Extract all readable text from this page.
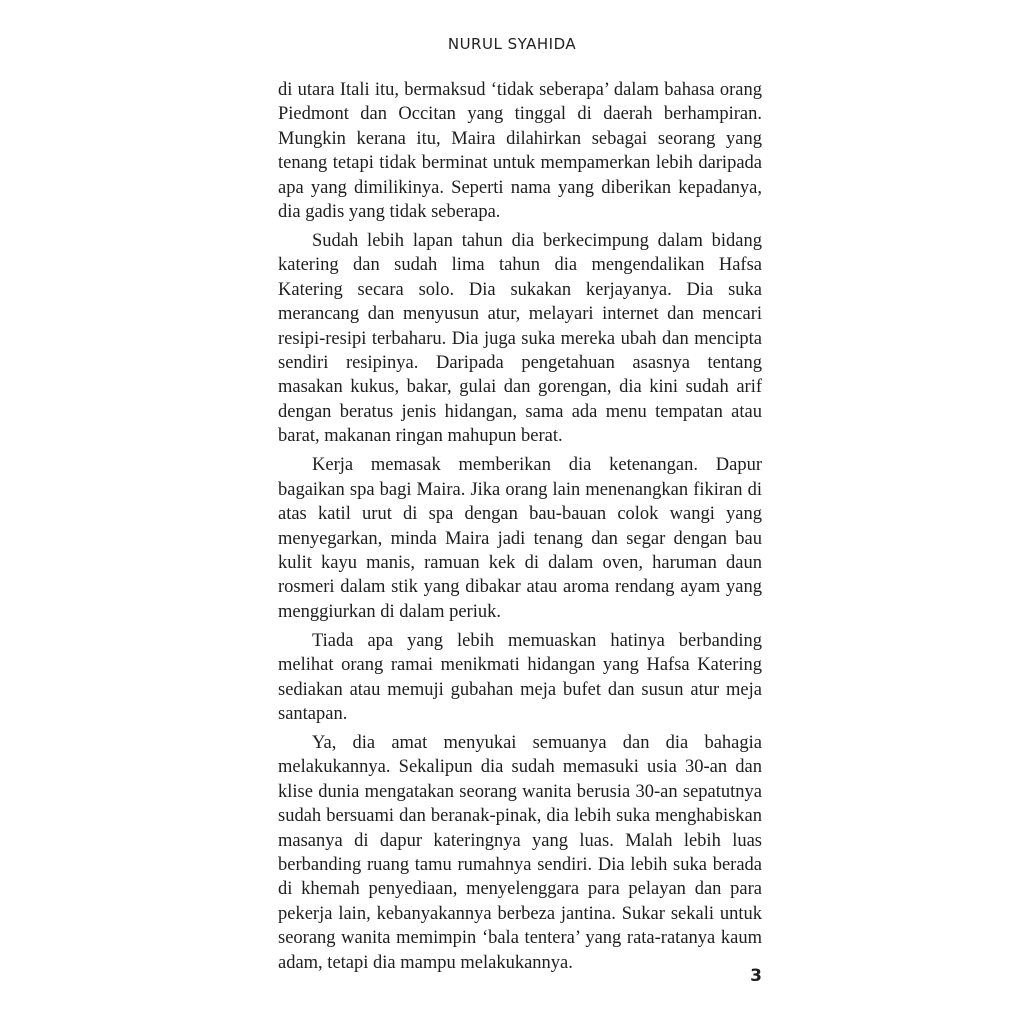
NURUL SYAHIDA

di utara Itali itu, bermaksud ‘tidak seberapa’ dalam bahasa orang Piedmont dan Occitan yang tinggal di daerah berhampiran. Mungkin kerana itu, Maira dilahirkan sebagai seorang yang tenang tetapi tidak berminat untuk mempamerkan lebih daripada apa yang dimilikinya. Seperti nama yang diberikan kepadanya, dia gadis yang tidak seberapa.

Sudah lebih lapan tahun dia berkecimpung dalam bidang katering dan sudah lima tahun dia mengendalikan Hafsa Katering secara solo. Dia sukakan kerjayanya. Dia suka merancang dan menyusun atur, melayari internet dan mencari resipi-resipi terbaharu. Dia juga suka mereka ubah dan mencipta sendiri resipinya. Daripada pengetahuan asasnya tentang masakan kukus, bakar, gulai dan gorengan, dia kini sudah arif dengan beratus jenis hidangan, sama ada menu tempatan atau barat, makanan ringan mahupun berat.

Kerja memasak memberikan dia ketenangan. Dapur bagaikan spa bagi Maira. Jika orang lain menenangkan fikiran di atas katil urut di spa dengan bau-bauan colok wangi yang menyegarkan, minda Maira jadi tenang dan segar dengan bau kulit kayu manis, ramuan kek di dalam oven, haruman daun rosmeri dalam stik yang dibakar atau aroma rendang ayam yang menggiurkan di dalam periuk.

Tiada apa yang lebih memuaskan hatinya berbanding melihat orang ramai menikmati hidangan yang Hafsa Katering sediakan atau memuji gubahan meja bufet dan susun atur meja santapan.

Ya, dia amat menyukai semuanya dan dia bahagia melakukannya. Sekalipun dia sudah memasuki usia 30-an dan klise dunia mengatakan seorang wanita berusia 30-an sepatutnya sudah bersuami dan beranak-pinak, dia lebih suka menghabiskan masanya di dapur kateringnya yang luas. Malah lebih luas berbanding ruang tamu rumahnya sendiri. Dia lebih suka berada di khemah penyediaan, menyelenggara para pelayan dan para pekerja lain, kebanyakannya berbeza jantina. Sukar sekali untuk seorang wanita memimpin ‘bala tentera’ yang rata-ratanya kaum adam, tetapi dia mampu melakukannya.

3
